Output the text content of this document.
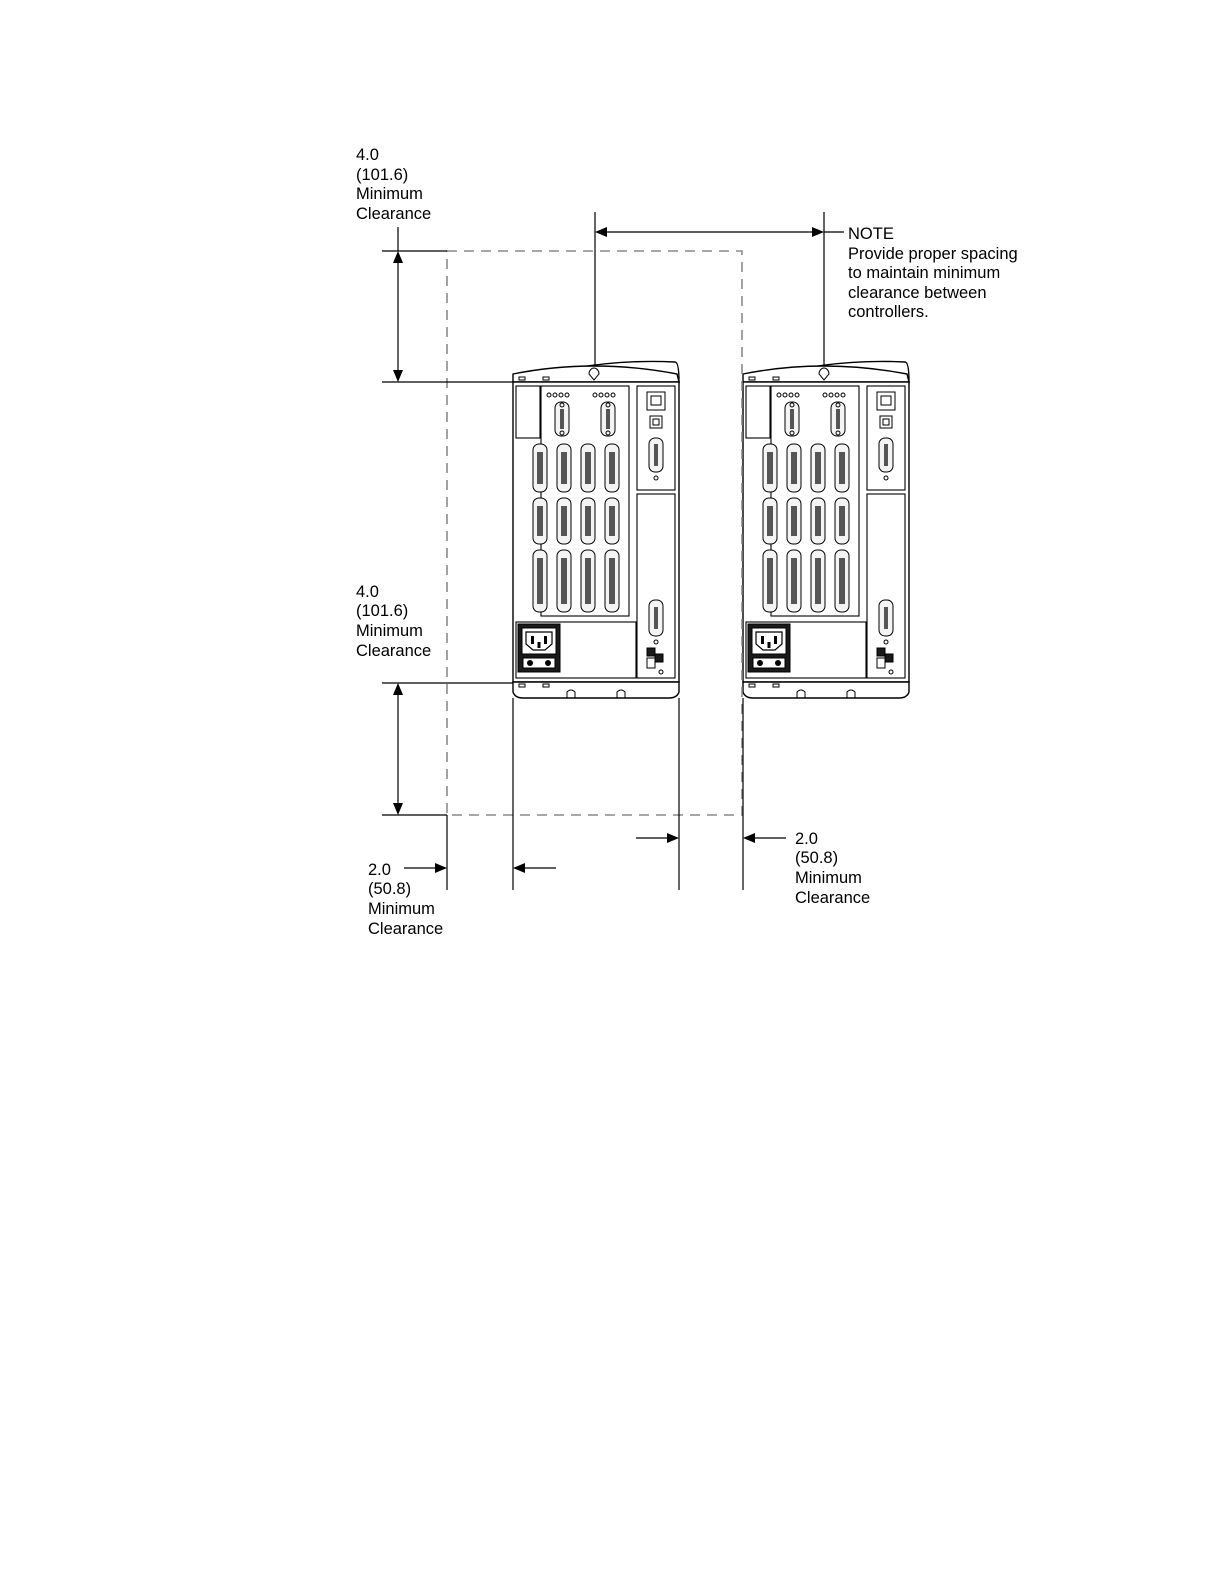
4.0 (101.6) Minimum Clearance
4.0 (101.6) Minimum Clearance
2.0 (50.8) Minimum Clearance
2.0 (50.8) Minimum Clearance
NOTE Provide proper spacing to maintain minimum clearance between controllers.
